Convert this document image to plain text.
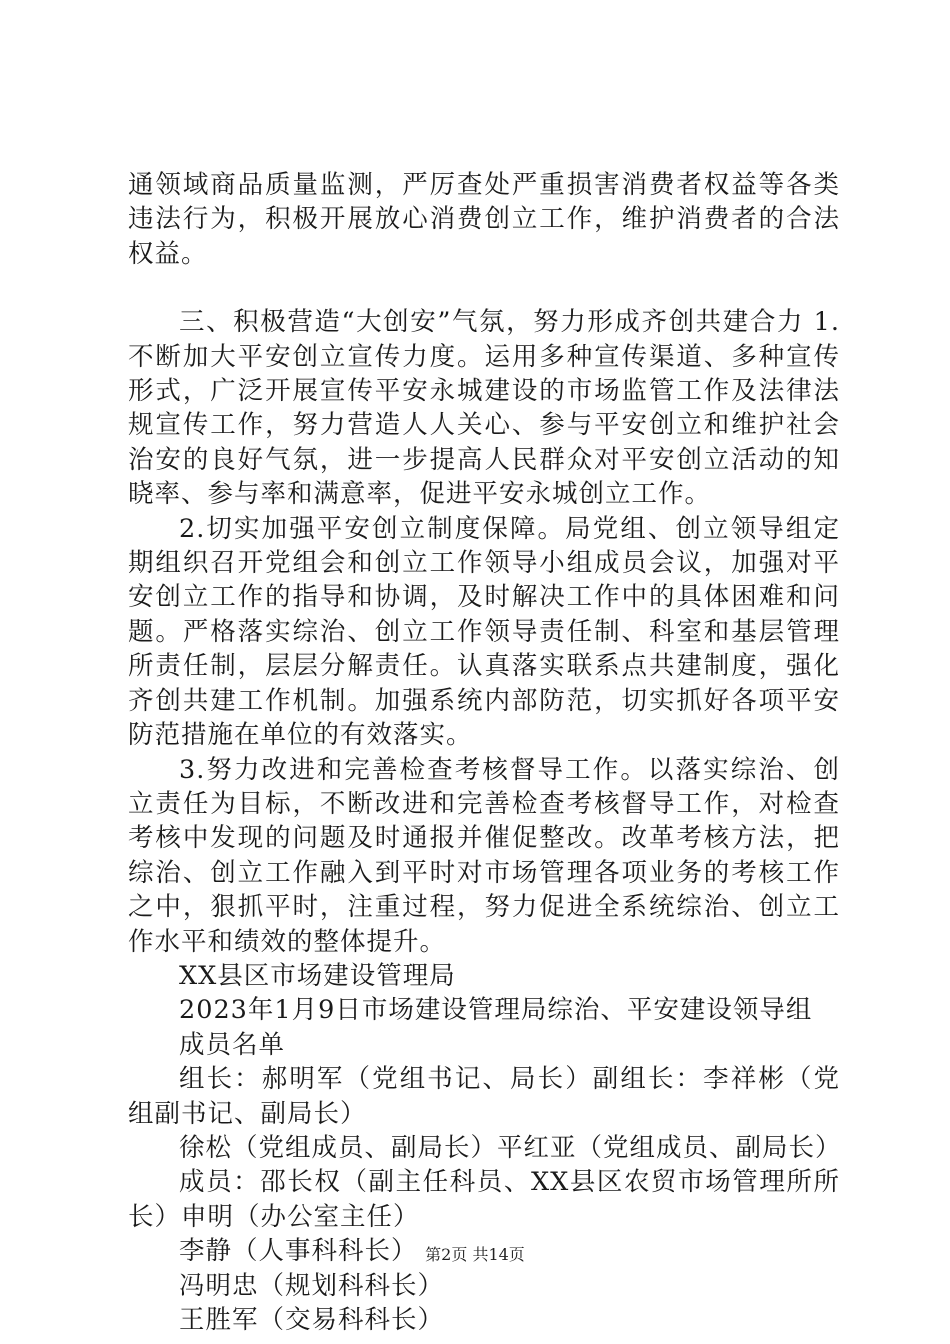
通领域商品质量监测，严厉查处严重损害消费者权益等各类违法行为，积极开展放心消费创立工作，维护消费者的合法权益。

三、积极营造“大创安”气氛，努力形成齐创共建合力 1.不断加大平安创立宣传力度。运用多种宣传渠道、多种宣传形式，广泛开展宣传平安永城建设的市场监管工作及法律法规宣传工作，努力营造人人关心、参与平安创立和维护社会治安的良好气氛，进一步提高人民群众对平安创立活动的知晓率、参与率和满意率，促进平安永城创立工作。

2.切实加强平安创立制度保障。局党组、创立领导组定期组织召开党组会和创立工作领导小组成员会议，加强对平安创立工作的指导和协调，及时解决工作中的具体困难和问题。严格落实综治、创立工作领导责任制、科室和基层管理所责任制，层层分解责任。认真落实联系点共建制度，强化齐创共建工作机制。加强系统内部防范，切实抓好各项平安防范措施在单位的有效落实。

3.努力改进和完善检查考核督导工作。以落实综治、创立责任为目标，不断改进和完善检查考核督导工作，对检查考核中发现的问题及时通报并催促整改。改革考核方法，把综治、创立工作融入到平时对市场管理各项业务的考核工作之中，狠抓平时，注重过程，努力促进全系统综治、创立工作水平和绩效的整体提升。

XX县区市场建设管理局

2023年1月9日市场建设管理局综治、平安建设领导组

成员名单

组长：郝明军（党组书记、局长）副组长：李祥彬（党组副书记、副局长）

徐松（党组成员、副局长）平红亚（党组成员、副局长）

成员：邵长权（副主任科员、XX县区农贸市场管理所所长）申明（办公室主任）

李静（人事科科长）

冯明忠（规划科科长）

王胜军（交易科科长）

第2页 共14页
